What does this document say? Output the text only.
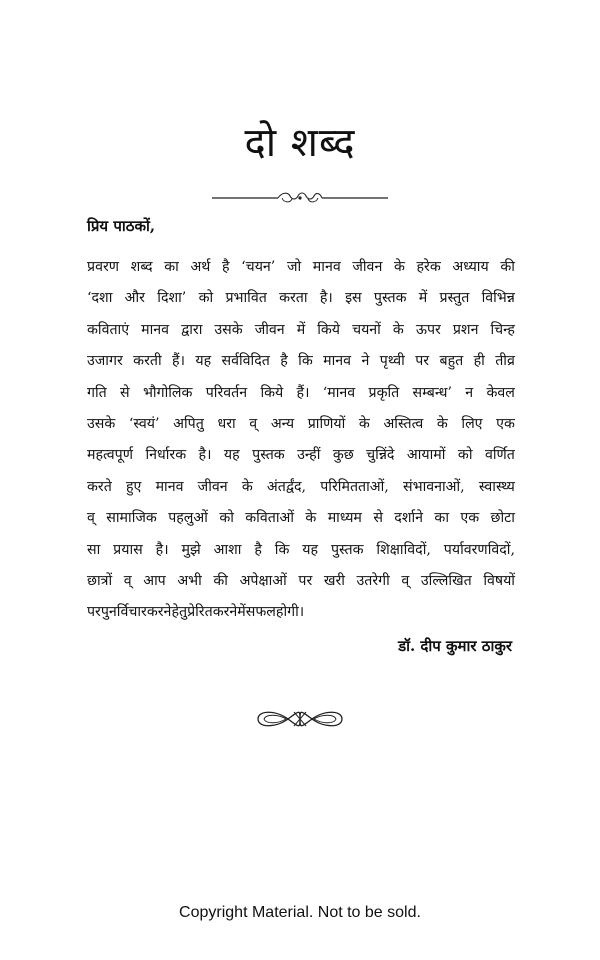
दो शब्द
प्रिय पाठकों,
प्रवरण शब्द का अर्थ है ‘चयन’ जो मानव जीवन के हरेक अध्याय की
‘दशा और दिशा’ को प्रभावित करता है। इस पुस्तक में प्रस्तुत विभिन्न
कविताएं मानव द्वारा उसके जीवन में किये चयनों के ऊपर प्रशन चिन्ह
उजागर करती हैं। यह सर्वविदित है कि मानव ने पृथ्वी पर बहुत ही तीव्र
गति से भौगोलिक परिवर्तन किये हैं। ‘मानव प्रकृति सम्बन्ध’ न केवल
उसके ‘स्वयं’ अपितु धरा व् अन्य प्राणियों के अस्तित्व के लिए एक
महत्वपूर्ण निर्धारक है। यह पुस्तक उन्हीं कुछ चुन्निंदे आयामों को वर्णित
करते हुए मानव जीवन के अंतर्द्वंद, परिमितताओं, संभावनाओं, स्वास्थ्य
व् सामाजिक पहलुओं को कविताओं के माध्यम से दर्शाने का एक छोटा
सा प्रयास है। मुझे आशा है कि यह पुस्तक शिक्षाविदों, पर्यावरणविदों,
छात्रों व् आप अभी की अपेक्षाओं पर खरी उतरेगी व् उल्लिखित विषयों
पर पुनर्विचार करने हेतु प्रेरित करने में सफल होगी।
डॉ. दीप कुमार ठाकुर
Copyright Material. Not to be sold.
